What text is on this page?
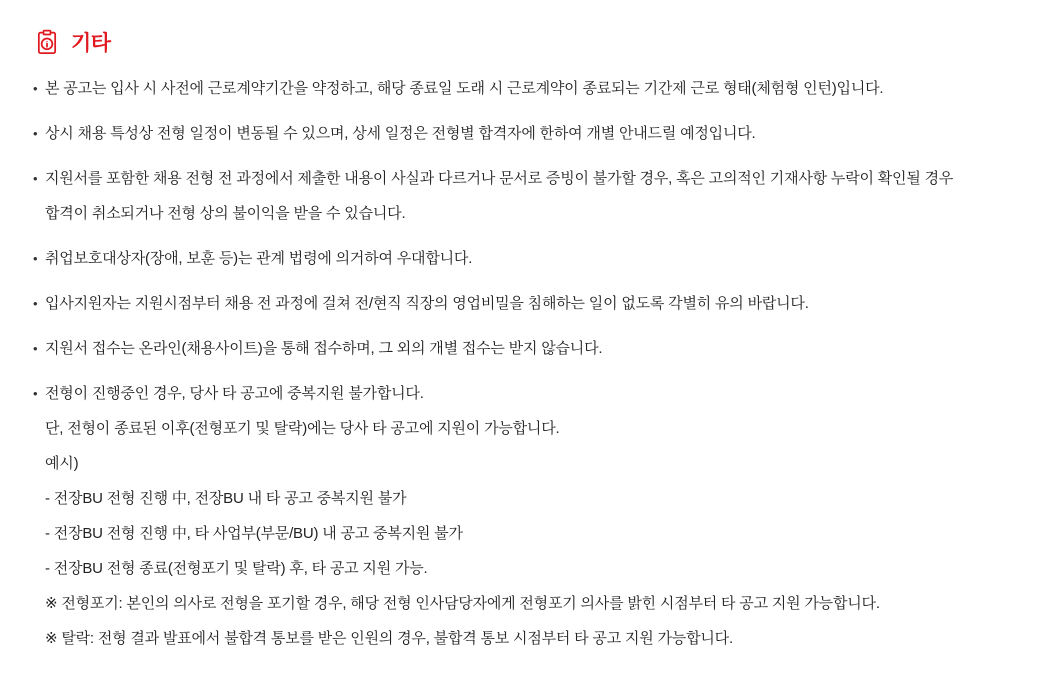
기타
• 본 공고는 입사 시 사전에 근로계약기간을 약정하고, 해당 종료일 도래 시 근로계약이 종료되는 기간제 근로 형태(체험형 인턴)입니다.
• 상시 채용 특성상 전형 일정이 변동될 수 있으며, 상세 일정은 전형별 합격자에 한하여 개별 안내드릴 예정입니다.
• 지원서를 포함한 채용 전형 전 과정에서 제출한 내용이 사실과 다르거나 문서로 증빙이 불가할 경우, 혹은 고의적인 기재사항 누락이 확인될 경우
합격이 취소되거나 전형 상의 불이익을 받을 수 있습니다.
• 취업보호대상자(장애, 보훈 등)는 관계 법령에 의거하여 우대합니다.
• 입사지원자는 지원시점부터 채용 전 과정에 걸쳐 전/현직 직장의 영업비밀을 침해하는 일이 없도록 각별히 유의 바랍니다.
• 지원서 접수는 온라인(채용사이트)을 통해 접수하며, 그 외의 개별 접수는 받지 않습니다.
• 전형이 진행중인 경우, 당사 타 공고에 중복지원 불가합니다.
단, 전형이 종료된 이후(전형포기 및 탈락)에는 당사 타 공고에 지원이 가능합니다.
예시)
- 전장BU 전형 진행 中, 전장BU 내 타 공고 중복지원 불가
- 전장BU 전형 진행 中, 타 사업부(부문/BU) 내 공고 중복지원 불가
- 전장BU 전형 종료(전형포기 및 탈락) 후, 타 공고 지원 가능.
※ 전형포기: 본인의 의사로 전형을 포기할 경우, 해당 전형 인사담당자에게 전형포기 의사를 밝힌 시점부터 타 공고 지원 가능합니다.
※ 탈락: 전형 결과 발표에서 불합격 통보를 받은 인원의 경우, 불합격 통보 시점부터 타 공고 지원 가능합니다.
